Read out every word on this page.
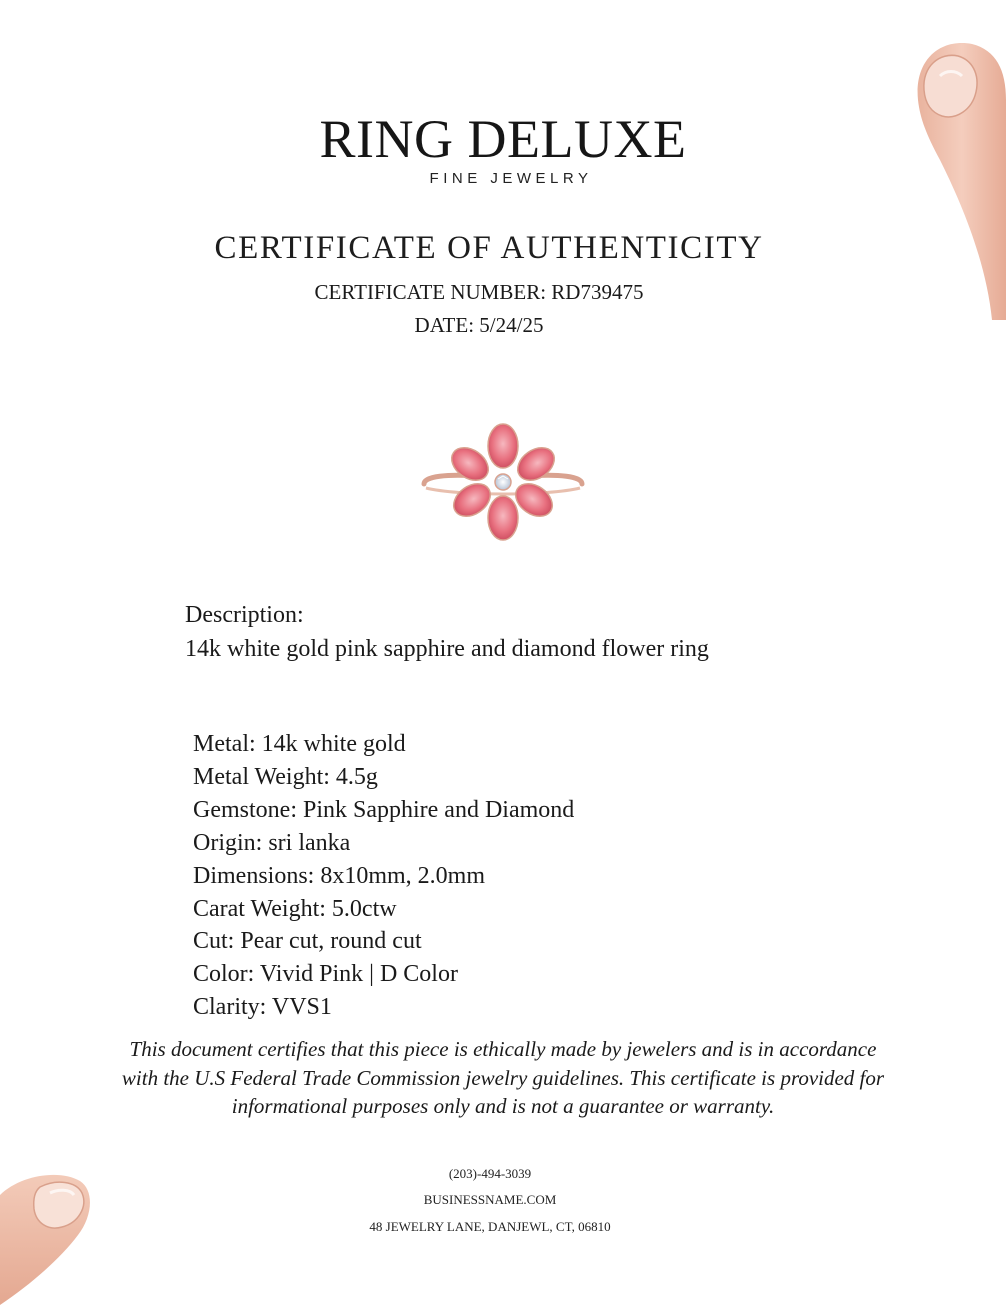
RING DELUXE
FINE JEWELRY
CERTIFICATE OF AUTHENTICITY
CERTIFICATE NUMBER: RD739475
DATE: 5/24/25
Description:
14k white gold pink sapphire and diamond flower ring
Metal: 14k white gold
Metal Weight: 4.5g
Gemstone: Pink Sapphire and Diamond
Origin: sri lanka
Dimensions: 8x10mm, 2.0mm
Carat Weight: 5.0ctw
Cut: Pear cut, round cut
Color: Vivid Pink | D Color
Clarity: VVS1
This document certifies that this piece is ethically made by jewelers and is in accordance with the U.S Federal Trade Commission jewelry guidelines. This certificate is provided for informational purposes only and is not a guarantee or warranty.
(203)-494-3039
BUSINESSNAME.COM
48 JEWELRY LANE, DANJEWL, CT, 06810
